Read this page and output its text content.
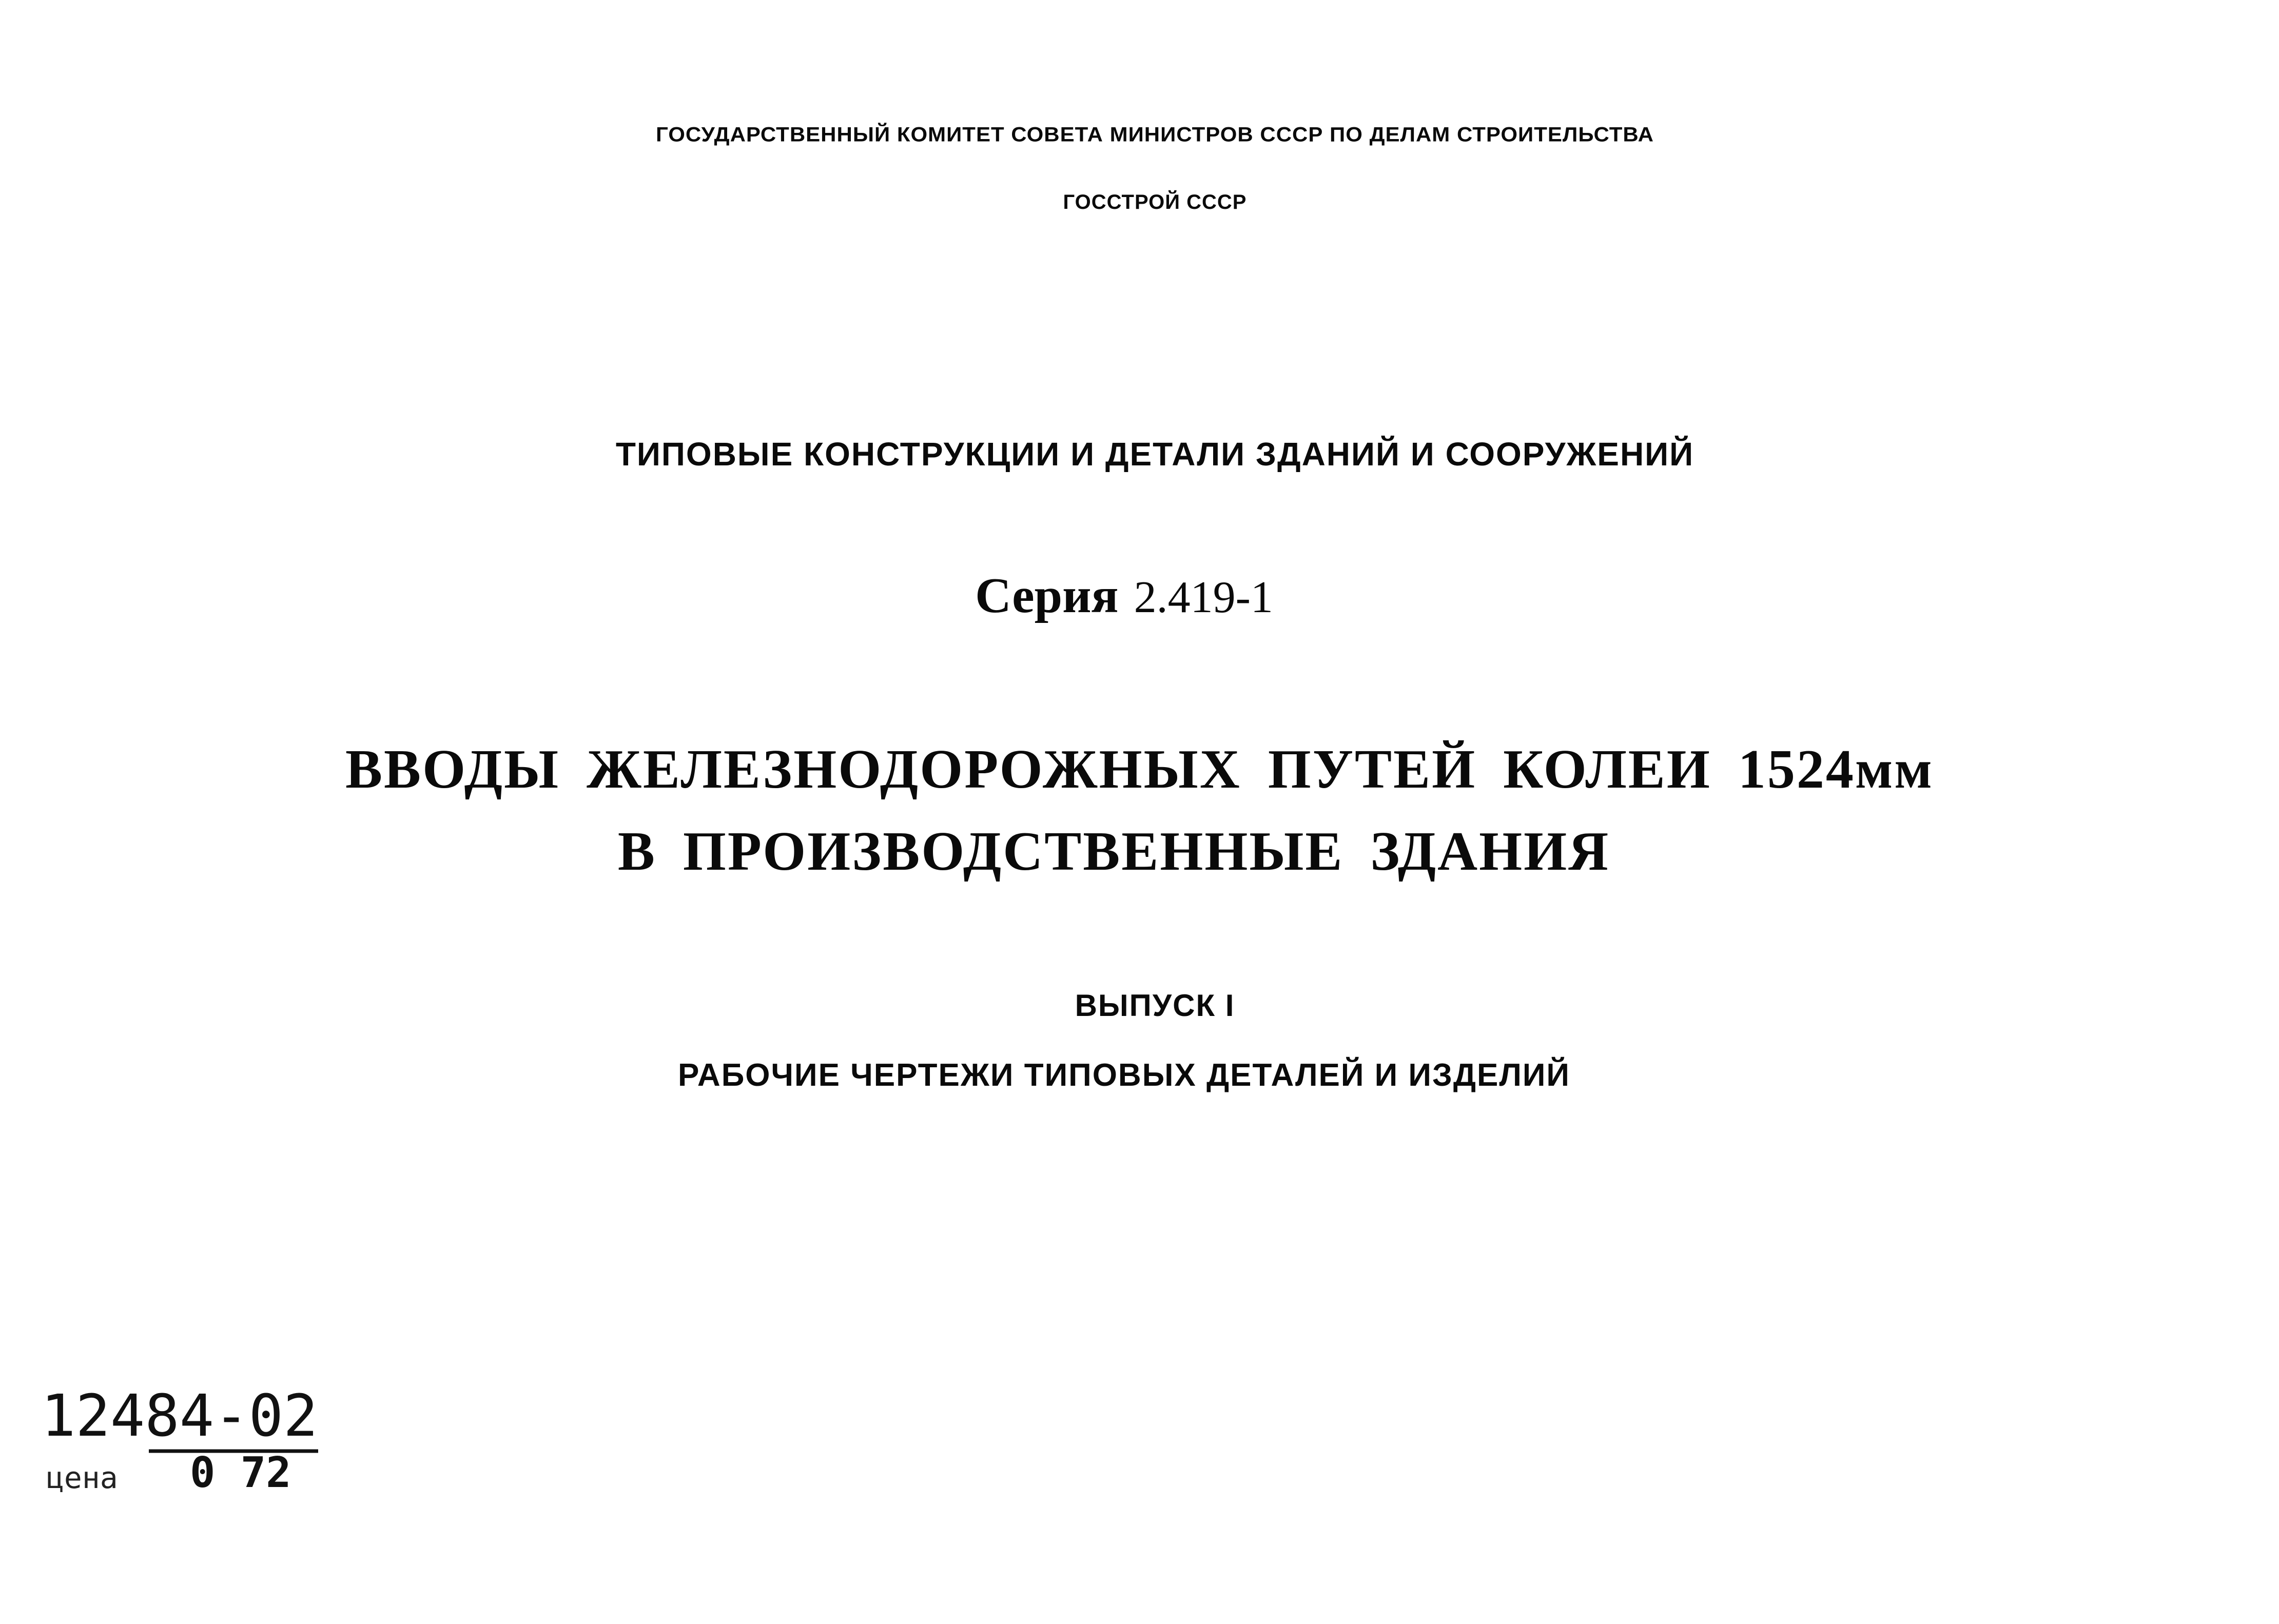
ГОСУДАРСТВЕННЫЙ КОМИТЕТ СОВЕТА МИНИСТРОВ СССР ПО ДЕЛАМ СТРОИТЕЛЬСТВА
ГОССТРОЙ СССР
ТИПОВЫЕ КОНСТРУКЦИИ И ДЕТАЛИ ЗДАНИЙ И СООРУЖЕНИЙ
Серия 2.419-1
ВВОДЫ ЖЕЛЕЗНОДОРОЖНЫХ ПУТЕЙ КОЛЕИ 1524мм
В ПРОИЗВОДСТВЕННЫЕ ЗДАНИЯ
ВЫПУСК I
РАБОЧИЕ ЧЕРТЕЖИ ТИПОВЫХ ДЕТАЛЕЙ И ИЗДЕЛИЙ
12484-02
цена 0 72
